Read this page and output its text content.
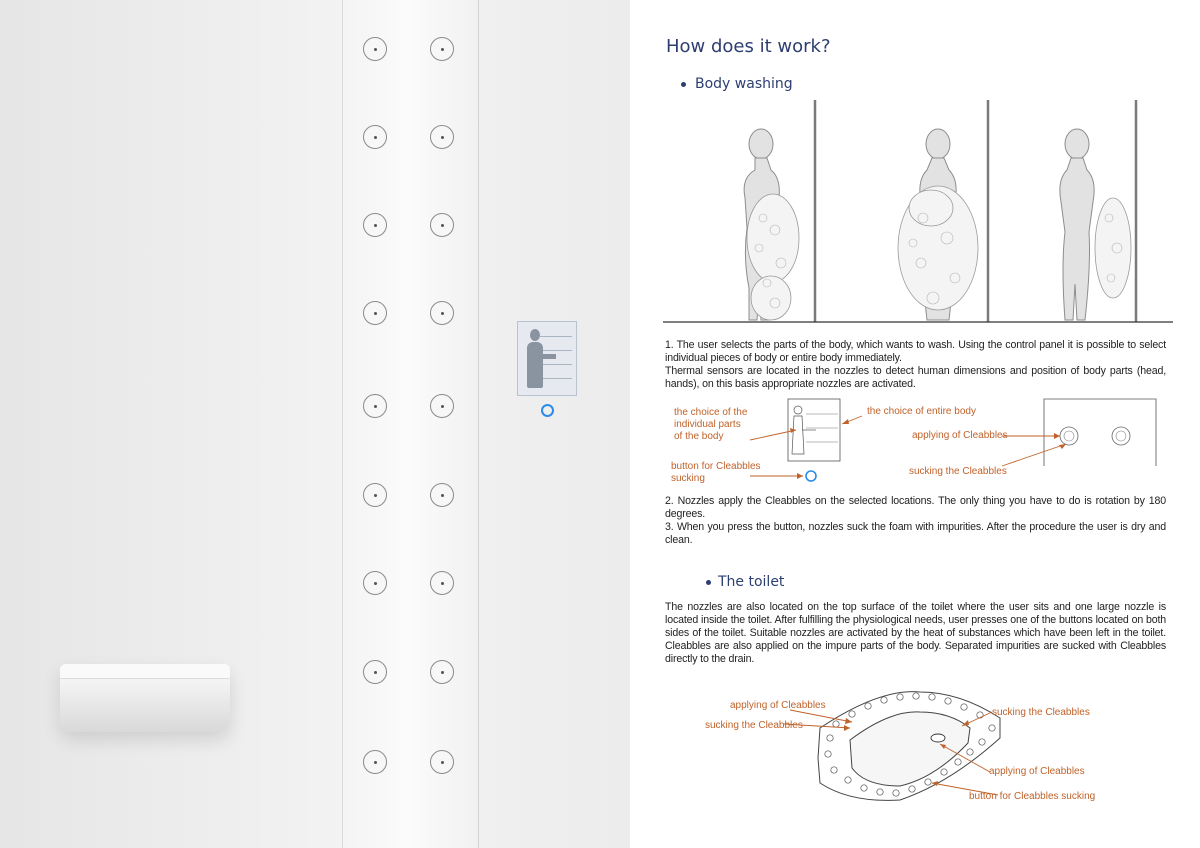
How does it work?
Body washing
1. The user selects the parts of the body, which wants to wash. Using the control panel it is possible to select individual pieces of body or entire body immediately.
Thermal sensors are located in the nozzles to detect human dimensions and position of body parts (head, hands), on this basis appropriate nozzles are activated.
the choice of the
individual parts
of the body
button for Cleabbles
sucking
the choice of entire body
applying of Cleabbles
sucking the Cleabbles
2. Nozzles apply the Cleabbles on the selected locations. The only thing you have to do is rotation by 180 degrees.
3. When you press the button, nozzles suck the foam with impurities. After the procedure the user is dry and clean.
The toilet
The nozzles are also located on the top surface of the toilet where the user sits and one large nozzle is located inside the toilet. After fulfilling the physiological needs, user presses one of the buttons located on both sides of the toilet. Suitable nozzles are activated by the heat of substances which have been left in the toilet. Cleabbles are also applied on the impure parts of the body. Separated impurities are sucked with Cleabbles directly to the drain.
applying of Cleabbles
sucking the Cleabbles
sucking the Cleabbles
applying of Cleabbles
button for Cleabbles sucking
